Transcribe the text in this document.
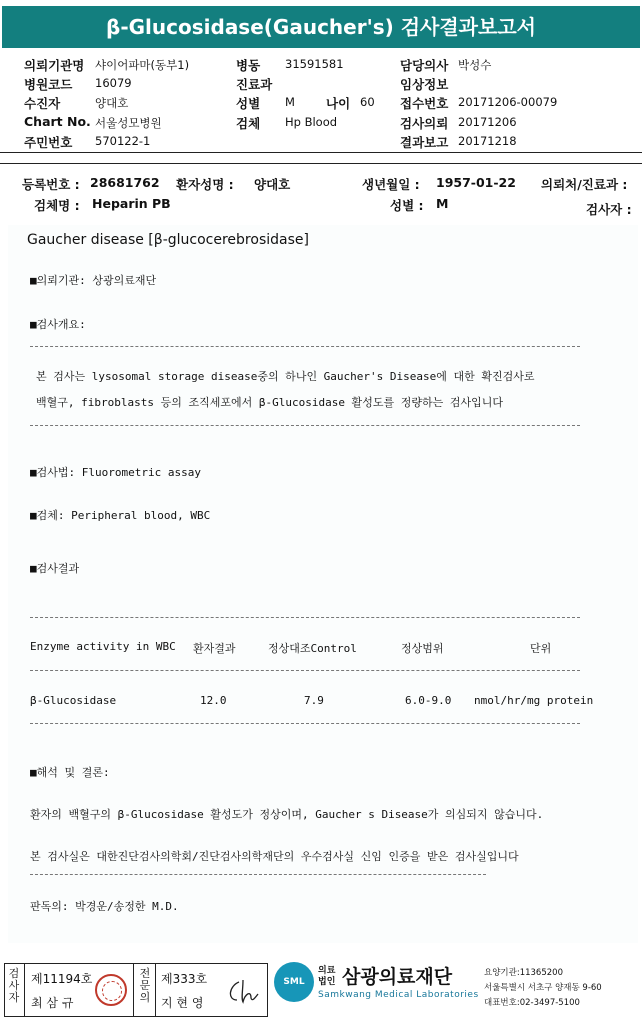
β-Glucosidase(Gaucher's) 검사결과보고서
의뢰기관명 샤이어파마(동부1)
병원코드 16079
수진자	양대호
Chart No. 서울성모병원
주민번호 570122-1
병동 31591581
진료과
성별 M 나이 60
검체 Hp Blood
담당의사 박성수
임상정보
접수번호 20171206-00079
검사의뢰 20171206
결과보고 20171218
등록번호 : 28681762 환자성명 : 양대호	생년월일 : 1957-01-22 의뢰처/진료과 :
검체명 : Heparin PB	성별 : M	검사자 :
Gaucher disease [β-glucocerebrosidase]
■의뢰기관: 상광의료재단
■검사개요:
본 검사는 lysosomal storage disease중의 하나인 Gaucher's Disease에 대한 확진검사로
백혈구, fibroblasts 등의 조직세포에서 β-Glucosidase 활성도를 정량하는 검사입니다
■검사법: Fluorometric assay
■검체: Peripheral blood, WBC
■검사결과
Enzyme activity in WBC 환자결과	정상대조Control	정상범위	단위
β-Glucosidase	12.0	7.9	6.0-9.0 nmol/hr/mg protein
■해석 및 결론:
환자의 백혈구의 β-Glucosidase 활성도가 정상이며, Gaucher s Disease가 의심되지 않습니다.
본 검사실은 대한진단검사의학회/진단검사의학재단의 우수검사실 신임 인증을 받은 검사실입니다
판독의: 박경운/송정한 M.D.
검사자
제11194호
최 삼 규
전문의
제333호
지 현 영
SML
의료
법인 삼광의료재단
Samkwang Medical Laboratories
요양기관:11365200
서울특별시 서초구 양재동 9-60
대표번호:02-3497-5100
